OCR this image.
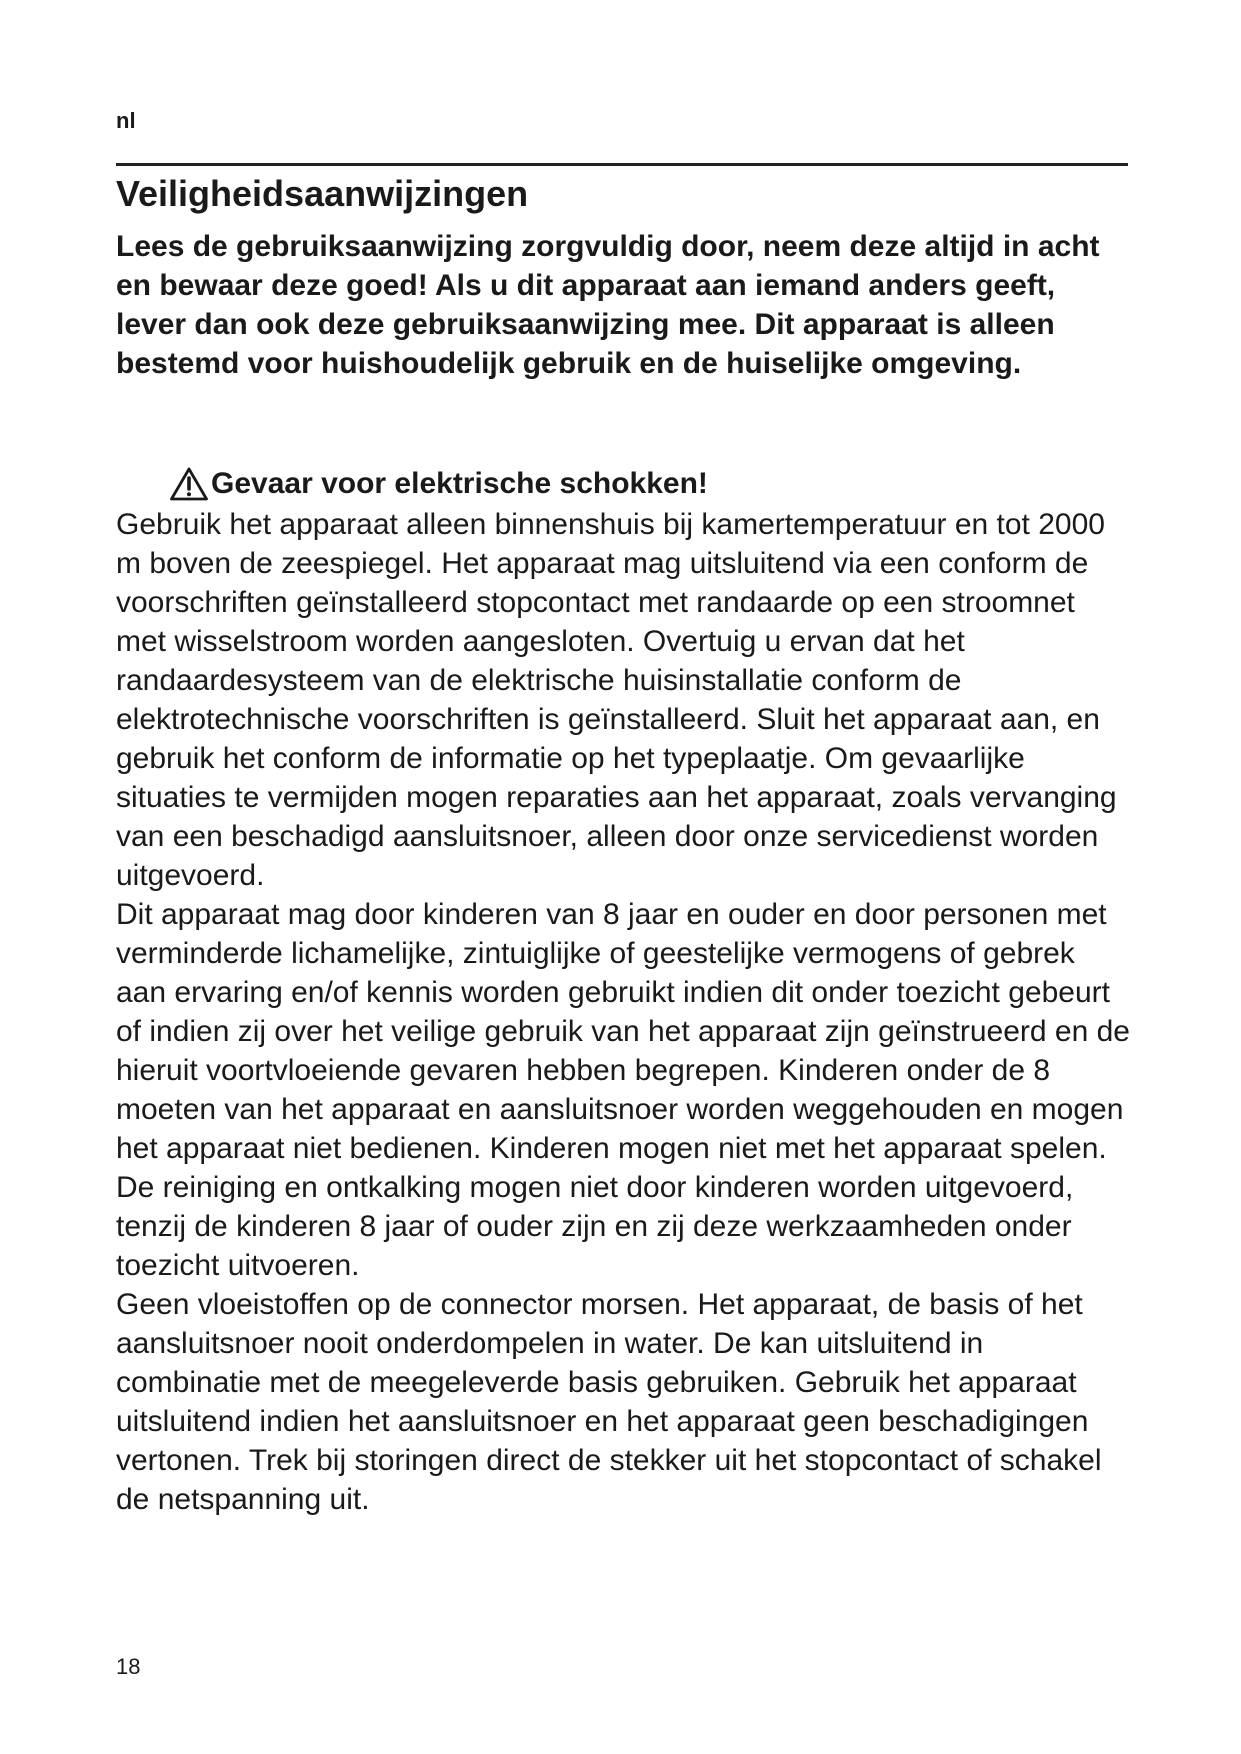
nl
Veiligheidsaanwijzingen

Lees de gebruiksaanwijzing zorgvuldig door, neem deze altijd in acht en bewaar deze goed! Als u dit apparaat aan iemand anders geeft, lever dan ook deze gebruiksaanwijzing mee. Dit apparaat is alleen bestemd voor huishoudelijk gebruik en de huiselijke omgeving.

Gevaar voor elektrische schokken!

Gebruik het apparaat alleen binnenshuis bij kamertemperatuur en tot 2000 m boven de zeespiegel. Het apparaat mag uitsluitend via een conform de voorschriften geïnstalleerd stopcontact met randaarde op een stroomnet met wisselstroom worden aangesloten. Overtuig u ervan dat het randaardesysteem van de elektrische huisinstallatie conform de elektrotechnische voorschriften is geïnstalleerd. Sluit het apparaat aan, en gebruik het conform de informatie op het typeplaatje. Om gevaarlijke situaties te vermijden mogen reparaties aan het apparaat, zoals vervanging van een beschadigd aansluitsnoer, alleen door onze servicedienst worden uitgevoerd.

Dit apparaat mag door kinderen van 8 jaar en ouder en door personen met verminderde lichamelijke, zintuiglijke of geestelijke vermogens of gebrek aan ervaring en/of kennis worden gebruikt indien dit onder toezicht gebeurt of indien zij over het veilige gebruik van het apparaat zijn geïnstrueerd en de hieruit voortvloeiende gevaren hebben begrepen. Kinderen onder de 8 moeten van het apparaat en aansluitsnoer worden weggehouden en mogen het apparaat niet bedienen. Kinderen mogen niet met het apparaat spelen.

De reiniging en ontkalking mogen niet door kinderen worden uitgevoerd, tenzij de kinderen 8 jaar of ouder zijn en zij deze werkzaamheden onder toezicht uitvoeren.

Geen vloeistoffen op de connector morsen. Het apparaat, de basis of het aansluitsnoer nooit onderdompelen in water. De kan uitsluitend in combinatie met de meegeleverde basis gebruiken. Gebruik het apparaat uitsluitend indien het aansluitsnoer en het apparaat geen beschadigingen vertonen. Trek bij storingen direct de stekker uit het stopcontact of schakel de netspanning uit.

18
